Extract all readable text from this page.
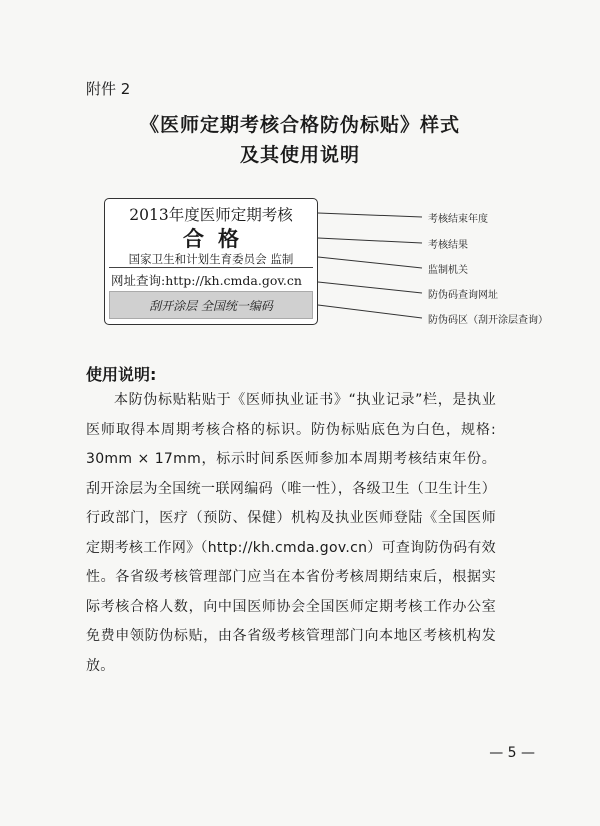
附件 2
《医师定期考核合格防伪标贴》样式
及其使用说明
2013年度医师定期考核
合格
国家卫生和计划生育委员会 监制
网址查询:http://kh.cmda.gov.cn
刮开涂层 全国统一编码
考核结束年度
考核结果
监制机关
防伪码查询网址
防伪码区（刮开涂层查询）
使用说明:
本防伪标贴粘贴于《医师执业证书》“执业记录”栏，是执业医师取得本周期考核合格的标识。防伪标贴底色为白色，规格: 30mm × 17mm，标示时间系医师参加本周期考核结束年份。刮开涂层为全国统一联网编码（唯一性），各级卫生（卫生计生）行政部门，医疗（预防、保健）机构及执业医师登陆《全国医师定期考核工作网》（http://kh.cmda.gov.cn）可查询防伪码有效性。各省级考核管理部门应当在本省份考核周期结束后，根据实际考核合格人数，向中国医师协会全国医师定期考核工作办公室免费申领防伪标贴，由各省级考核管理部门向本地区考核机构发放。
— 5 —
